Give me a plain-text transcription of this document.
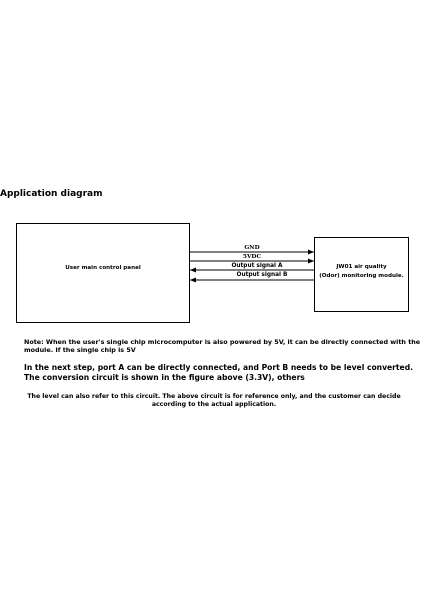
Application diagram
User main control panel	JW01 air quality
(Odor) monitoring module.
GND
5VDC
Output signal A
Output signal B
Note: When the user's single chip microcomputer is also powered by 5V, it can be directly connected with the module. If the single chip is 5V
In the next step, port A can be directly connected, and Port B needs to be level converted. The conversion circuit is shown in the figure above (3.3V), others
The level can also refer to this circuit. The above circuit is for reference only, and the customer can decide according to the actual application.
